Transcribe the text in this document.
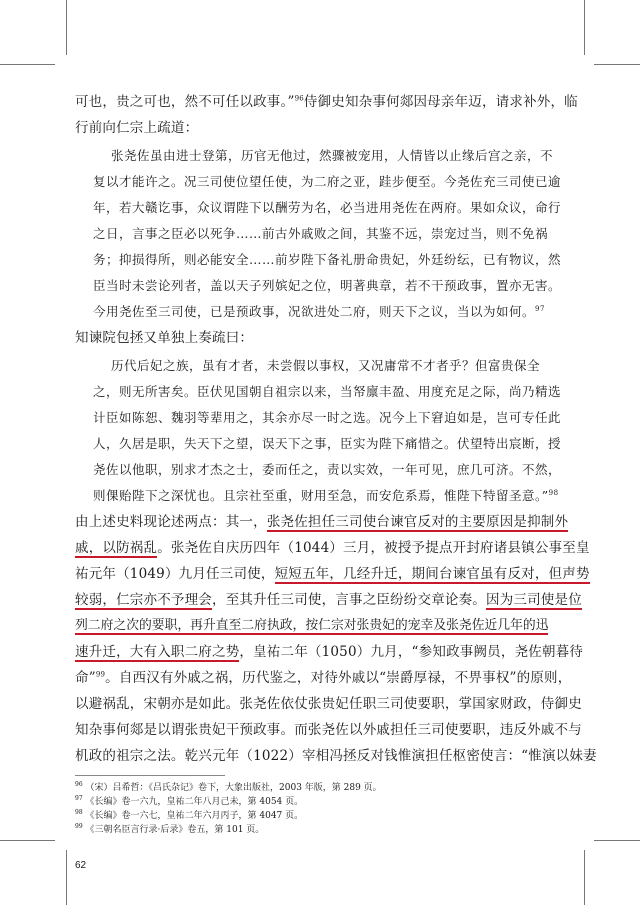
可也，贵之可也，然不可任以政事。”$^{96}$侍御史知杂事何郯因母亲年迈，请求补外，临
行前向仁宗上疏道：
张尧佐虽由进士登第，历官无他过，然骤被宠用，人情皆以止缘后宫之亲，不
复以才能许之。况三司使位望任使，为二府之亚，跬步便至。今尧佐充三司使已逾
年，若大赣讫事，众议谓陛下以酬劳为名，必当进用尧佐在两府。果如众议，命行
之日，言事之臣必以死争……前古外戚败之间，其鉴不远，崇宠过当，则不免祸
务；抑损得所，则必能安全……前岁陛下备礼册命贵妃，外廷纷纭，已有物议，然
臣当时未尝论列者，盖以天子列嫔妃之位，明著典章，若不干预政事，置亦无害。
今用尧佐至三司使，已是预政事，况欲进处二府，则天下之议，当以为如何。$^{97}$
知谏院包拯又单独上奏疏曰：
历代后妃之族，虽有才者，未尝假以事权，又况庸常不才者乎？但富贵保全
之，则无所害矣。臣伏见国朝自祖宗以来，当帑廪丰盈、用度充足之际，尚乃精选
计臣如陈恕、魏羽等辈用之，其余亦尽一时之选。况今上下窘迫如是，岂可专任此
人，久居是职，失天下之望，误天下之事，臣实为陛下痛惜之。伏望特出宸断，授
尧佐以他职，别求才杰之士，委而任之，责以实效，一年可见，庶几可济。不然，
则倮贻陛下之深忧也。且宗社至重，财用至急，而安危系焉，惟陛下特留圣意。”$^{98}$
由上述史料现论述两点：其一，张尧佐担任三司使台谏官反对的主要原因是抑制外
戚，以防祸乱。张尧佐自庆历四年（1044）三月，被授予提点开封府诸县镇公事至皇
祐元年（1049）九月任三司使，短短五年，几经升迁，期间台谏官虽有反对，但声势
较弱，仁宗亦不予理会，至其升任三司使，言事之臣纷纷交章论奏。因为三司使是位
列二府之次的要职，再升直至二府执政，按仁宗对张贵妃的宠幸及张尧佐近几年的迅
速升迁，大有入职二府之势，皇祐二年（1050）九月，“参知政事阙员，尧佐朝暮待
命”$^{99}$。自西汉有外戚之祸，历代鉴之，对待外戚以“崇爵厚禄，不畀事权”的原则，
以避祸乱，宋朝亦是如此。张尧佐依仗张贵妃任职三司使要职，掌国家财政，侍御史
知杂事何郯是以谓张贵妃干预政事。而张尧佐以外戚担任三司使要职，违反外戚不与
机政的祖宗之法。乾兴元年（1022）宰相冯拯反对钱惟演担任枢密使言：“惟演以妹妻
$^{96}$ （宋）吕希哲：《吕氏杂记》卷下，大象出版社，2003 年版，第 289 页。
$^{97}$ 《长编》卷一六九，皇祐二年八月己未，第 4054 页。
$^{98}$ 《长编》卷一六七，皇祐二年六月丙子，第 4047 页。
$^{99}$ 《三朝名臣言行录·后录》卷五，第 101 页。
62
